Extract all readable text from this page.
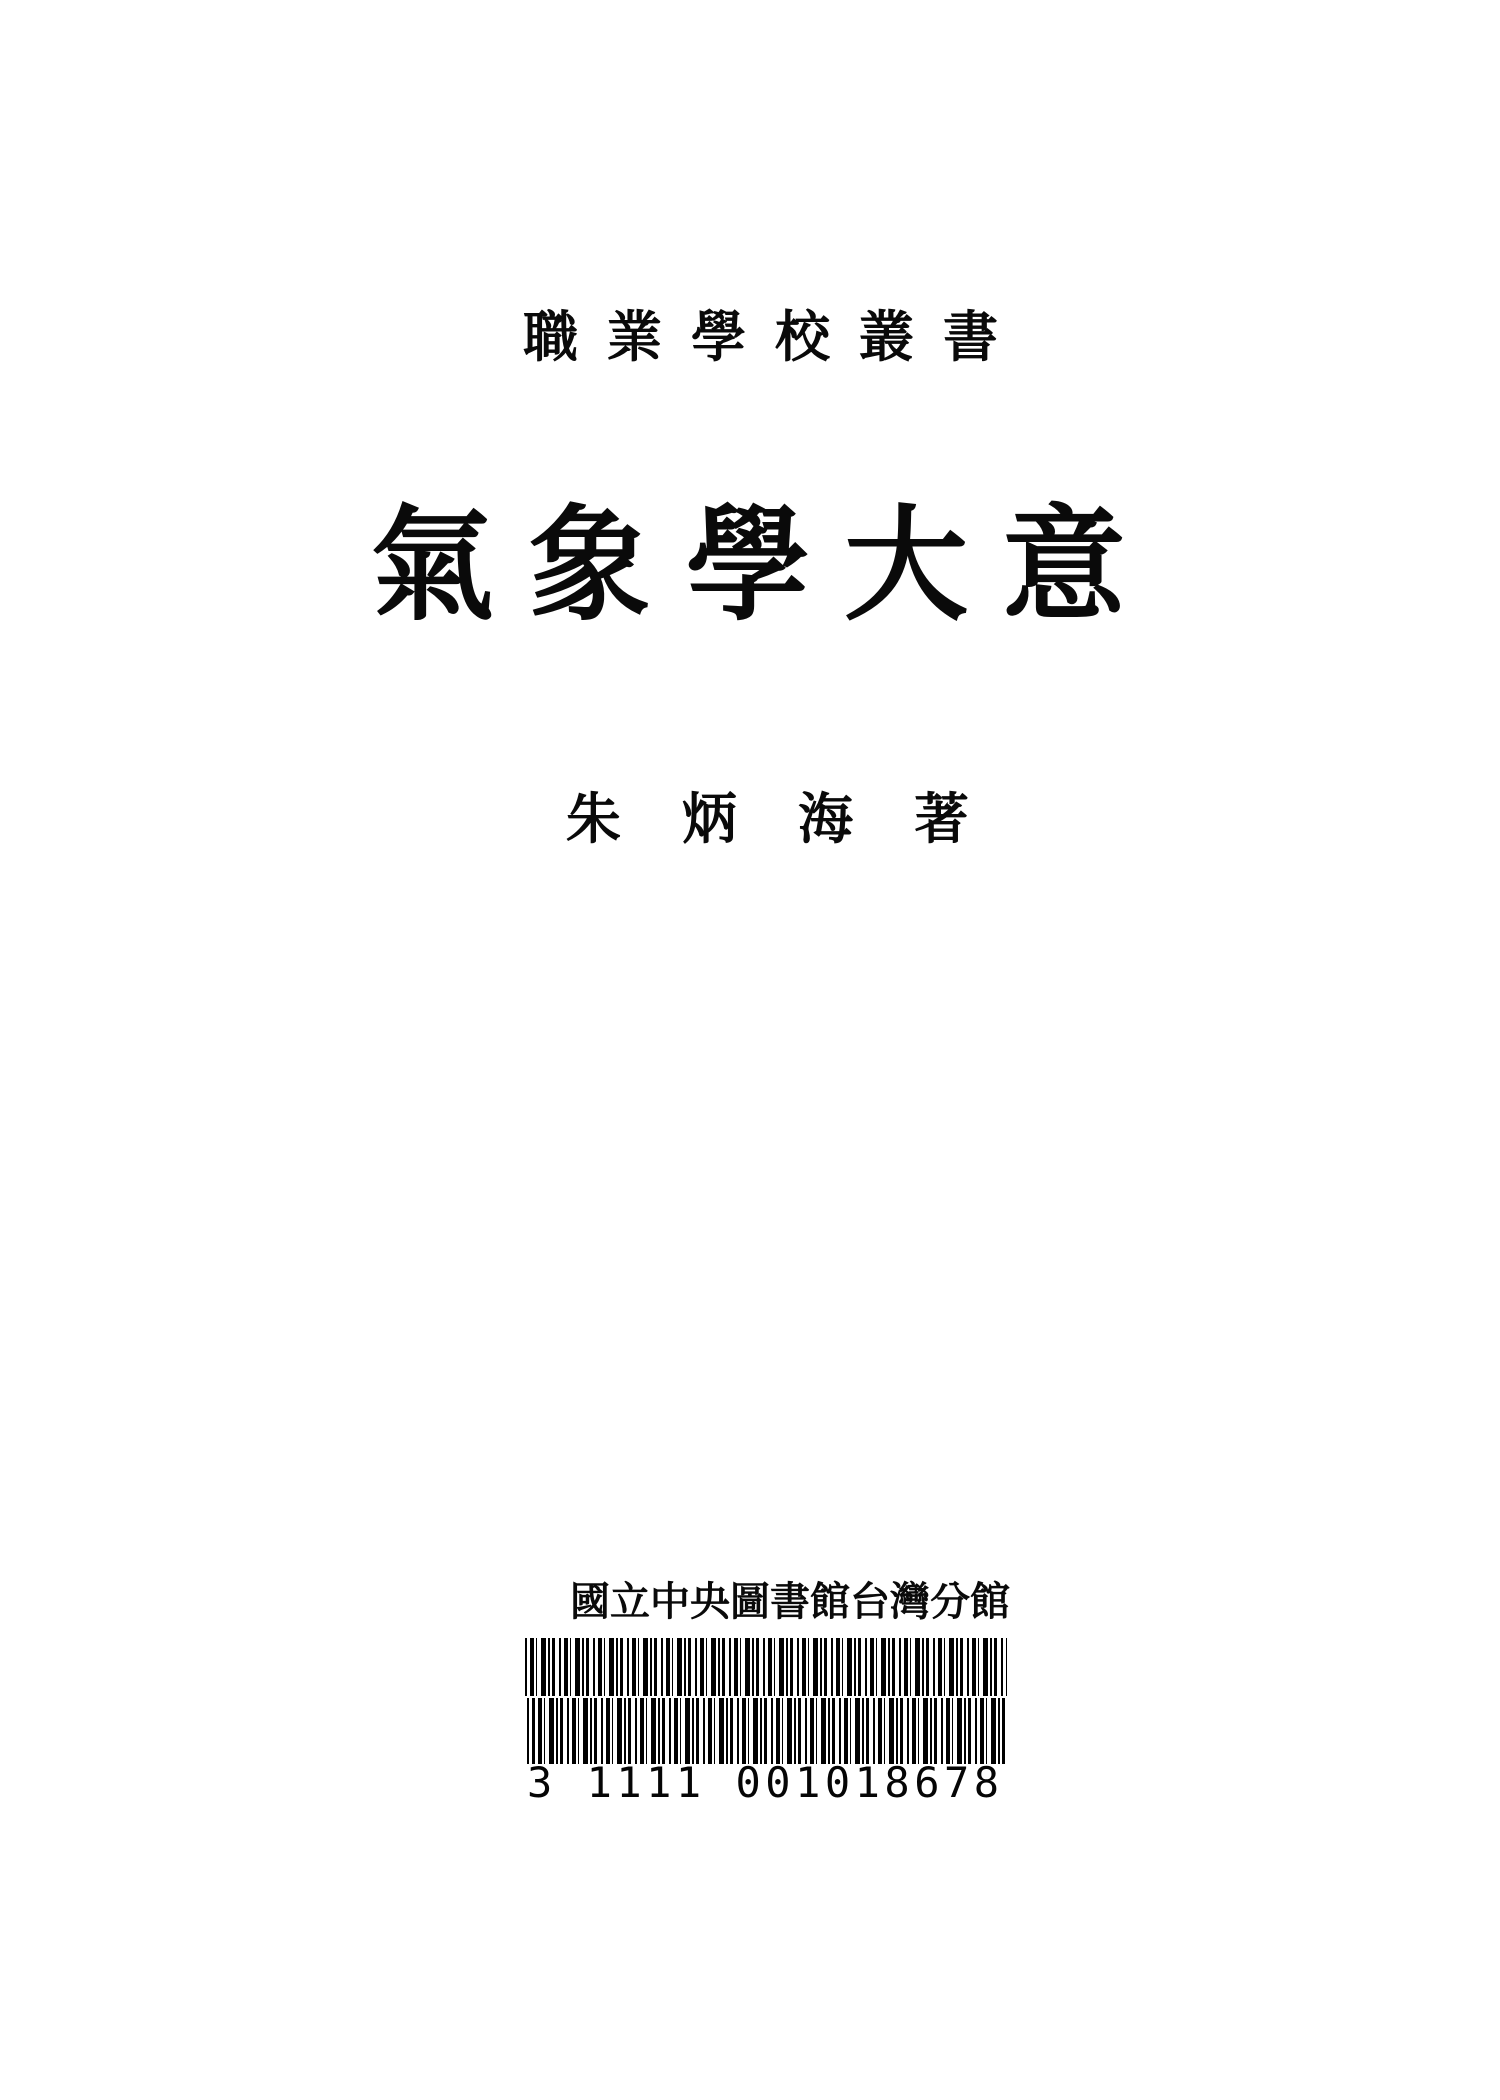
職業學校叢書
氣象學大意
朱炳海著
國立中央圖書館台灣分館
3 1111 001018678
